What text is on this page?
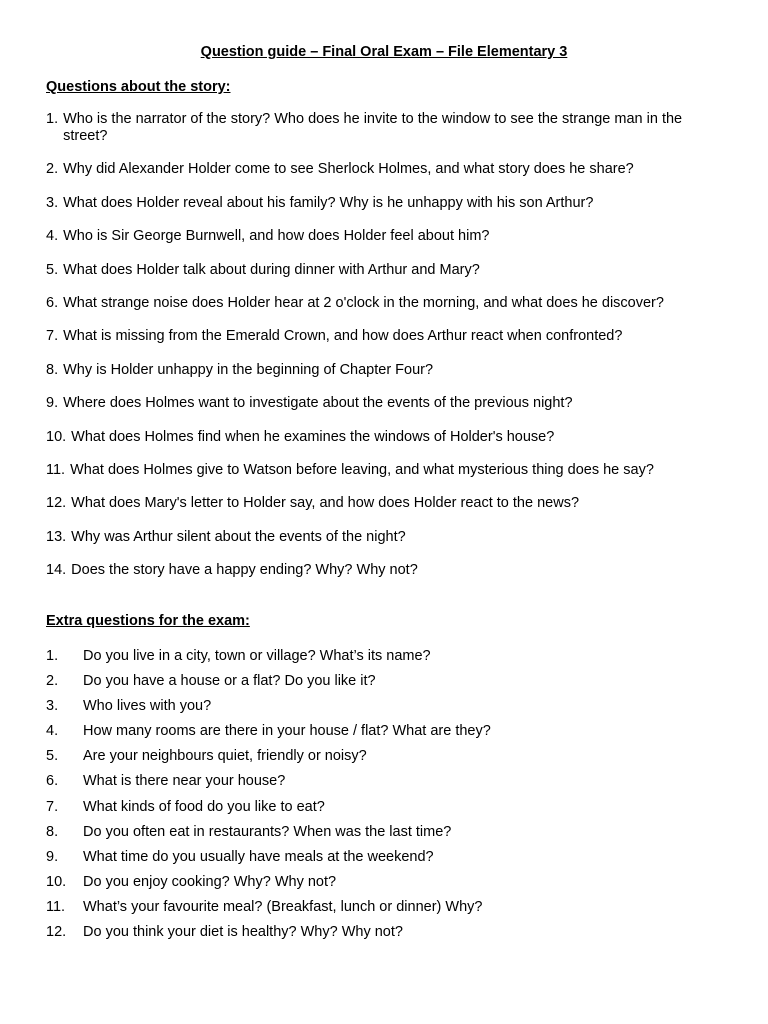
Question guide – Final Oral Exam – File Elementary 3
Questions about the story:
1. Who is the narrator of the story? Who does he invite to the window to see the strange man in the street?
2. Why did Alexander Holder come to see Sherlock Holmes, and what story does he share?
3. What does Holder reveal about his family? Why is he unhappy with his son Arthur?
4. Who is Sir George Burnwell, and how does Holder feel about him?
5. What does Holder talk about during dinner with Arthur and Mary?
6. What strange noise does Holder hear at 2 o'clock in the morning, and what does he discover?
7. What is missing from the Emerald Crown, and how does Arthur react when confronted?
8. Why is Holder unhappy in the beginning of Chapter Four?
9. Where does Holmes want to investigate about the events of the previous night?
10. What does Holmes find when he examines the windows of Holder's house?
11. What does Holmes give to Watson before leaving, and what mysterious thing does he say?
12. What does Mary's letter to Holder say, and how does Holder react to the news?
13. Why was Arthur silent about the events of the night?
14. Does the story have a happy ending? Why? Why not?
Extra questions for the exam:
1.	Do you live in a city, town or village? What’s its name?
2.	Do you have a house or a flat? Do you like it?
3.	Who lives with you?
4.	How many rooms are there in your house / flat? What are they?
5.	Are your neighbours quiet, friendly or noisy?
6.	What is there near your house?
7.	What kinds of food do you like to eat?
8.	Do you often eat in restaurants? When was the last time?
9.	What time do you usually have meals at the weekend?
10.	Do you enjoy cooking? Why? Why not?
11.	What’s your favourite meal? (Breakfast, lunch or dinner) Why?
12.	Do you think your diet is healthy? Why? Why not?
